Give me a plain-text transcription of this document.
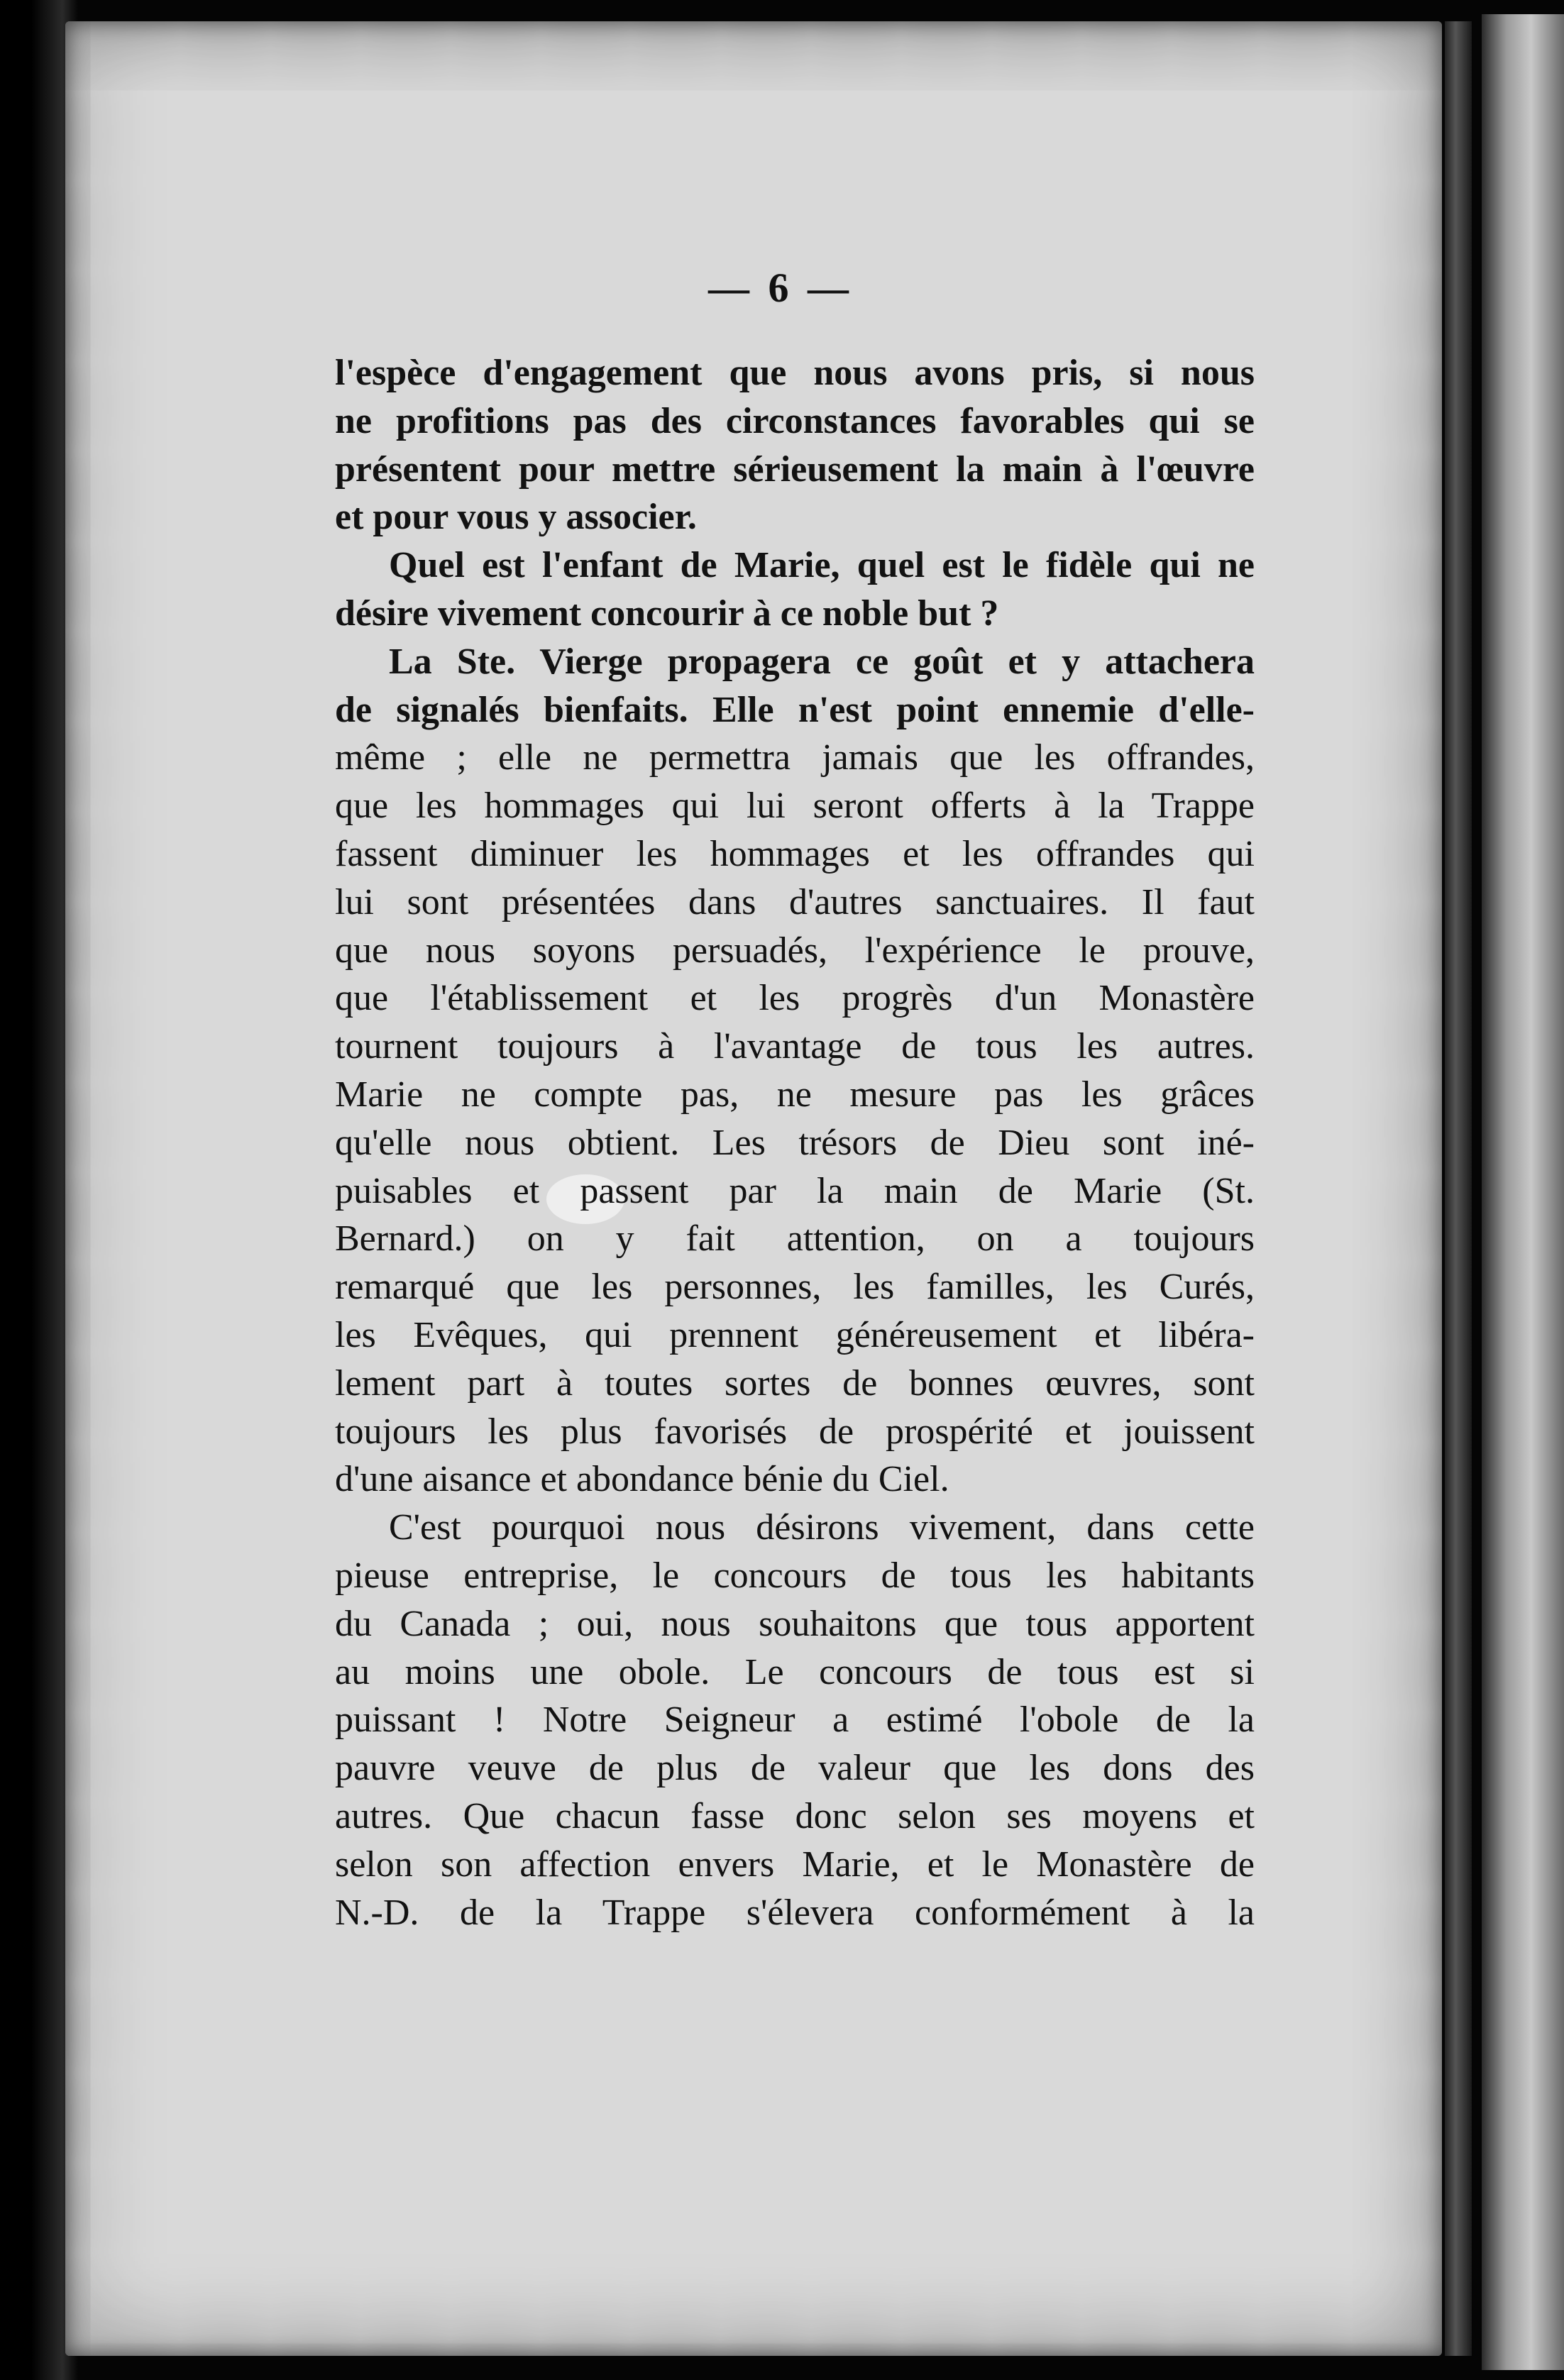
— 6 —
l'espèce d'engagement que nous avons pris, si nous
ne profitions pas des circonstances favorables qui se
présentent pour mettre sérieusement la main à l'œuvre
et pour vous y associer.
Quel est l'enfant de Marie, quel est le fidèle qui ne
désire vivement concourir à ce noble but ?
La Ste. Vierge propagera ce goût et y attachera
de signalés bienfaits. Elle n'est point ennemie d'elle-
même ; elle ne permettra jamais que les offrandes,
que les hommages qui lui seront offerts à la Trappe
fassent diminuer les hommages et les offrandes qui
lui sont présentées dans d'autres sanctuaires. Il faut
que nous soyons persuadés, l'expérience le prouve,
que l'établissement et les progrès d'un Monastère
tournent toujours à l'avantage de tous les autres.
Marie ne compte pas, ne mesure pas les grâces
qu'elle nous obtient. Les trésors de Dieu sont iné-
puisables et passent par la main de Marie (St.
Bernard.) on y fait attention, on a toujours
remarqué que les personnes, les familles, les Curés,
les Evêques, qui prennent généreusement et libéra-
lement part à toutes sortes de bonnes œuvres, sont
toujours les plus favorisés de prospérité et jouissent
d'une aisance et abondance bénie du Ciel.
C'est pourquoi nous désirons vivement, dans cette
pieuse entreprise, le concours de tous les habitants
du Canada ; oui, nous souhaitons que tous apportent
au moins une obole. Le concours de tous est si
puissant ! Notre Seigneur a estimé l'obole de la
pauvre veuve de plus de valeur que les dons des
autres. Que chacun fasse donc selon ses moyens et
selon son affection envers Marie, et le Monastère de
N.-D. de la Trappe s'élevera conformément à la
